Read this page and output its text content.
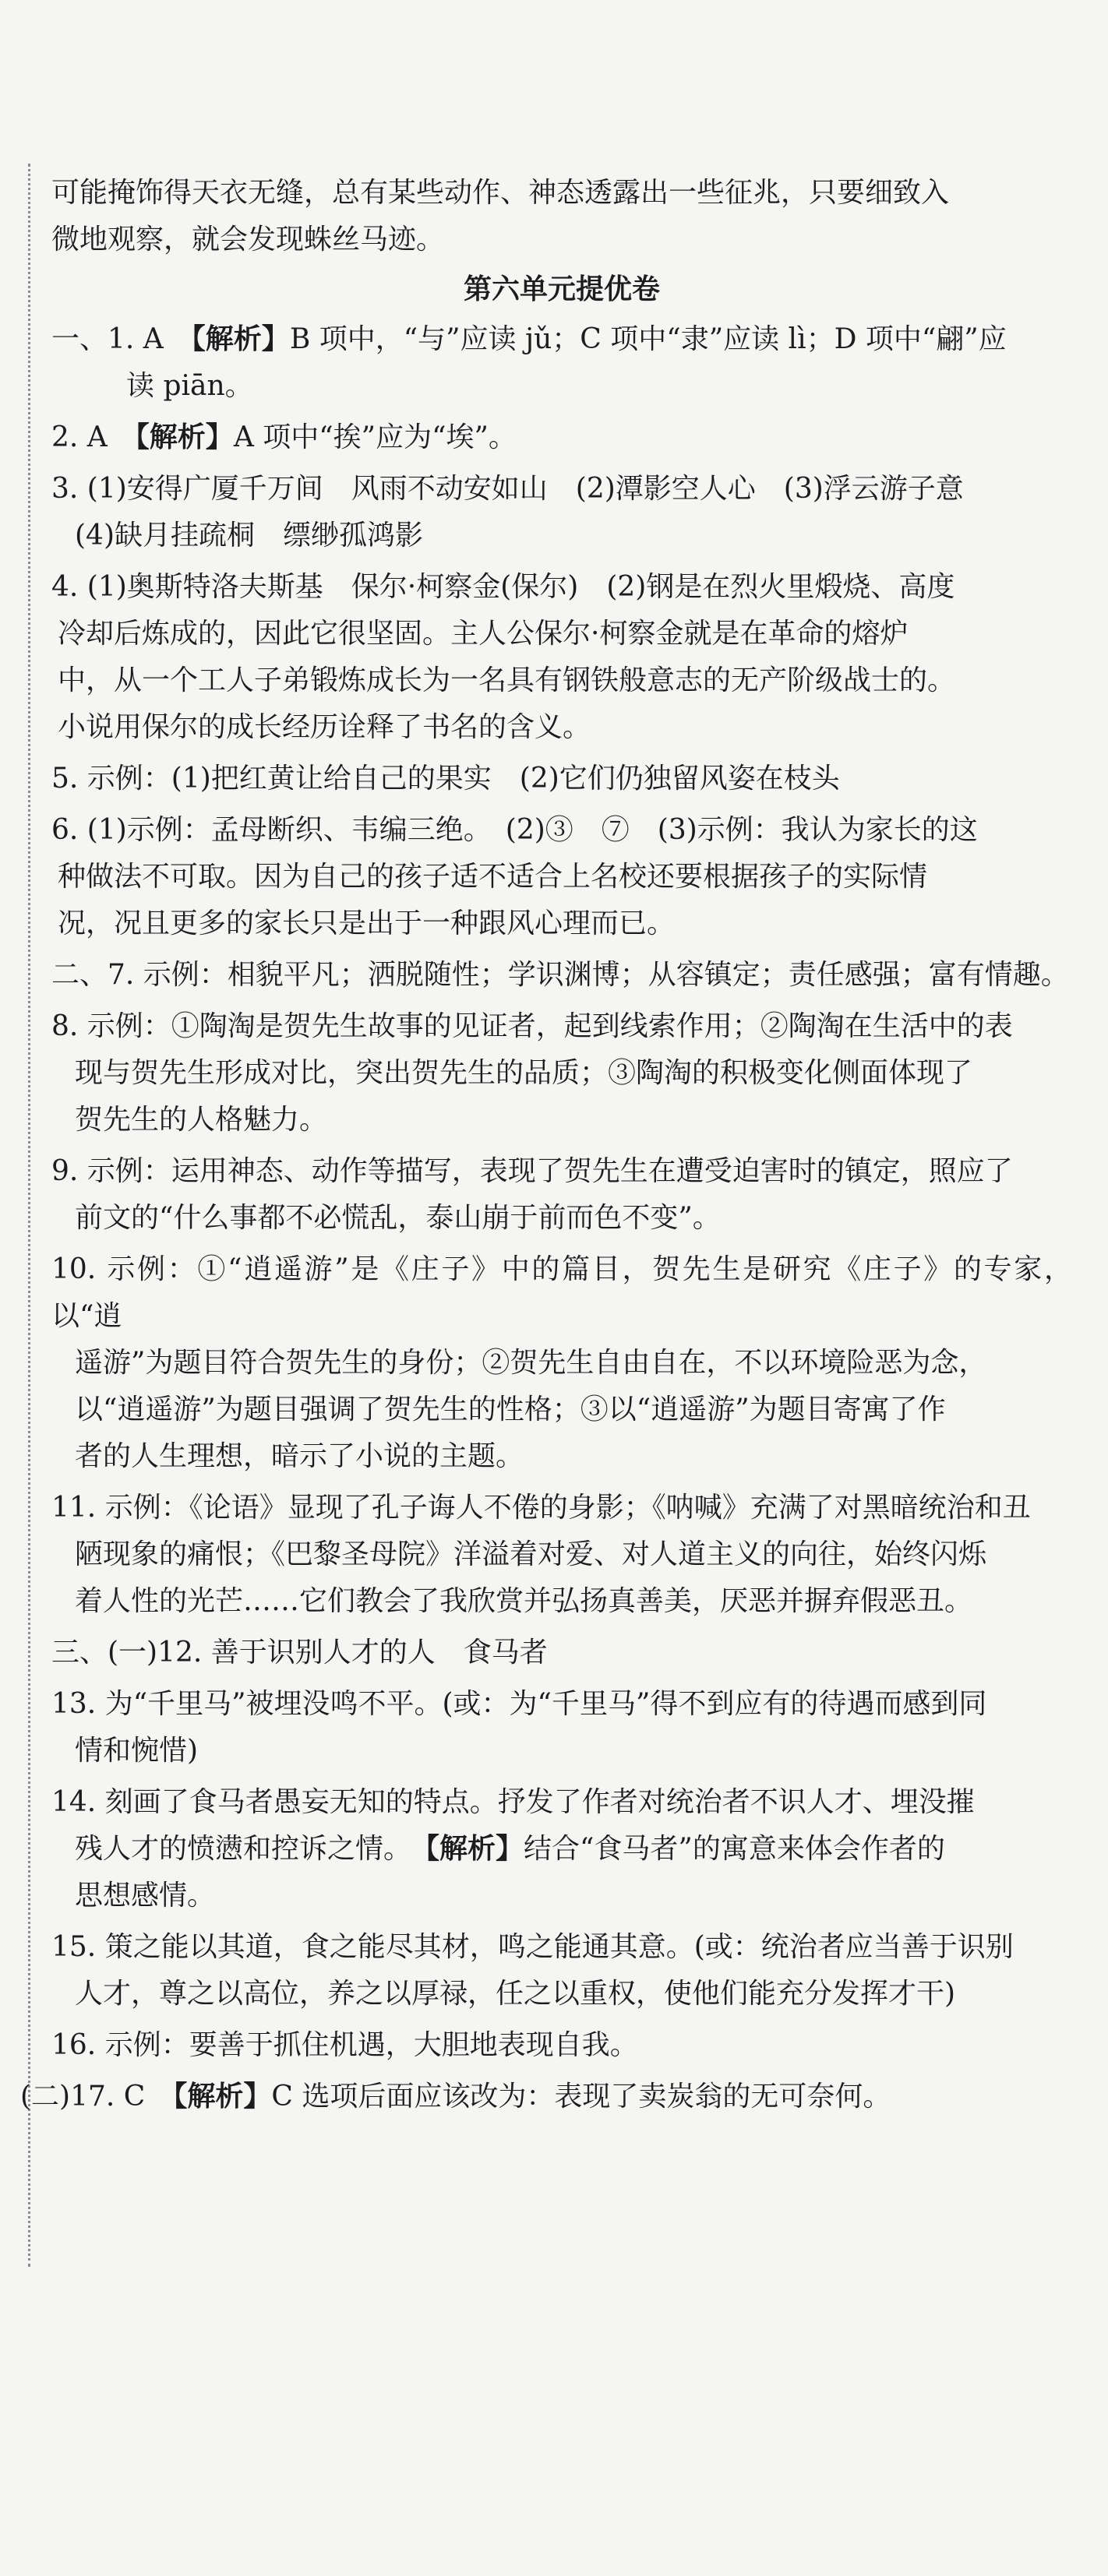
可能掩饰得天衣无缝，总有某些动作、神态透露出一些征兆，只要细致入

微地观察，就会发现蛛丝马迹。

第六单元提优卷

一、1. A　【解析】B 项中，“与”应读 jǔ；C 项中“隶”应读 lì；D 项中“翩”应

读 piān。

2. A　【解析】A 项中“挨”应为“埃”。

3. (1)安得广厦千万间　风雨不动安如山　(2)潭影空人心　(3)浮云游子意

(4)缺月挂疏桐　缥缈孤鸿影

4. (1)奥斯特洛夫斯基　保尔·柯察金(保尔)　(2)钢是在烈火里煅烧、高度

冷却后炼成的，因此它很坚固。主人公保尔·柯察金就是在革命的熔炉

中，从一个工人子弟锻炼成长为一名具有钢铁般意志的无产阶级战士的。

小说用保尔的成长经历诠释了书名的含义。

5. 示例：(1)把红黄让给自己的果实　(2)它们仍独留风姿在枝头

6. (1)示例：孟母断织、韦编三绝。　(2)③　⑦　(3)示例：我认为家长的这

种做法不可取。因为自己的孩子适不适合上名校还要根据孩子的实际情

况，况且更多的家长只是出于一种跟风心理而已。

二、7. 示例：相貌平凡；洒脱随性；学识渊博；从容镇定；责任感强；富有情趣。

8. 示例：①陶淘是贺先生故事的见证者，起到线索作用；②陶淘在生活中的表

现与贺先生形成对比，突出贺先生的品质；③陶淘的积极变化侧面体现了

贺先生的人格魅力。

9. 示例：运用神态、动作等描写，表现了贺先生在遭受迫害时的镇定，照应了

前文的“什么事都不必慌乱，泰山崩于前而色不变”。

10. 示例：①“逍遥游”是《庄子》中的篇目，贺先生是研究《庄子》的专家，以“逍

遥游”为题目符合贺先生的身份；②贺先生自由自在，不以环境险恶为念，

以“逍遥游”为题目强调了贺先生的性格；③以“逍遥游”为题目寄寓了作

者的人生理想，暗示了小说的主题。

11. 示例：《论语》显现了孔子诲人不倦的身影；《呐喊》充满了对黑暗统治和丑

陋现象的痛恨；《巴黎圣母院》洋溢着对爱、对人道主义的向往，始终闪烁

着人性的光芒……它们教会了我欣赏并弘扬真善美，厌恶并摒弃假恶丑。

三、(一)12. 善于识别人才的人　食马者

13. 为“千里马”被埋没鸣不平。(或：为“千里马”得不到应有的待遇而感到同

情和惋惜)

14. 刻画了食马者愚妄无知的特点。抒发了作者对统治者不识人才、埋没摧

残人才的愤懑和控诉之情。　【解析】结合“食马者”的寓意来体会作者的

思想感情。

15. 策之能以其道，食之能尽其材，鸣之能通其意。(或：统治者应当善于识别

人才，尊之以高位，养之以厚禄，任之以重权，使他们能充分发挥才干)

16. 示例：要善于抓住机遇，大胆地表现自我。

(二)17. C　【解析】C 选项后面应该改为：表现了卖炭翁的无可奈何。
